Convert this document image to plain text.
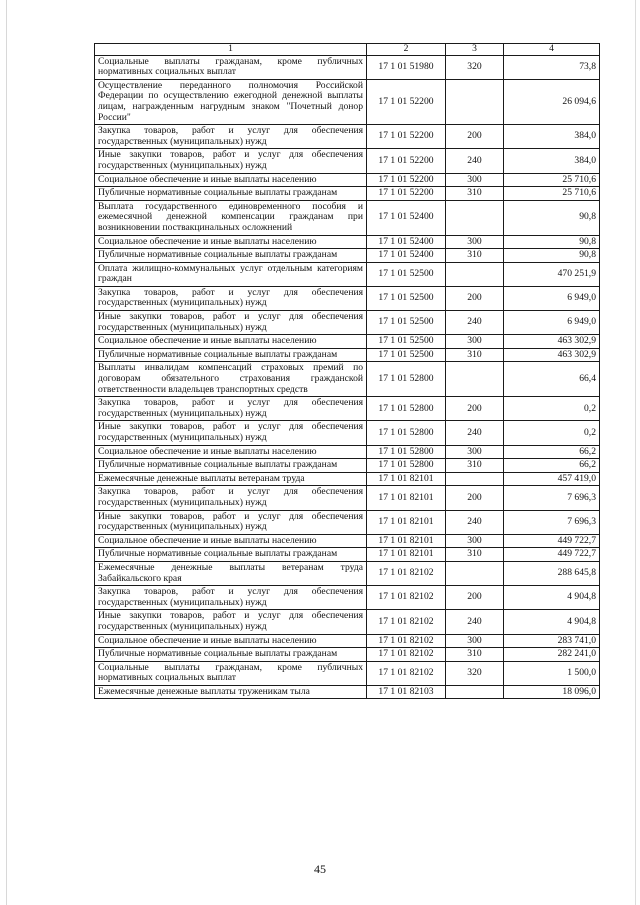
1	2	3	4
Социальные выплаты гражданам, кроме публичных нормативных социальных выплат	17 1 01 51980	320	73,8
Осуществление переданного полномочия Российской Федерации по осуществлению ежегодной денежной выплаты лицам, награжденным нагрудным знаком "Почетный донор России"	17 1 01 52200		26 094,6
Закупка товаров, работ и услуг для обеспечения государственных (муниципальных) нужд	17 1 01 52200	200	384,0
Иные закупки товаров, работ и услуг для обеспечения государственных (муниципальных) нужд	17 1 01 52200	240	384,0
Социальное обеспечение и иные выплаты населению	17 1 01 52200	300	25 710,6
Публичные нормативные социальные выплаты гражданам	17 1 01 52200	310	25 710,6
Выплата государственного единовременного пособия и ежемесячной денежной компенсации гражданам при возникновении поствакцинальных осложнений	17 1 01 52400		90,8
Социальное обеспечение и иные выплаты населению	17 1 01 52400	300	90,8
Публичные нормативные социальные выплаты гражданам	17 1 01 52400	310	90,8
Оплата жилищно-коммунальных услуг отдельным категориям граждан	17 1 01 52500		470 251,9
Закупка товаров, работ и услуг для обеспечения государственных (муниципальных) нужд	17 1 01 52500	200	6 949,0
Иные закупки товаров, работ и услуг для обеспечения государственных (муниципальных) нужд	17 1 01 52500	240	6 949,0
Социальное обеспечение и иные выплаты населению	17 1 01 52500	300	463 302,9
Публичные нормативные социальные выплаты гражданам	17 1 01 52500	310	463 302,9
Выплаты инвалидам компенсаций страховых премий по договорам обязательного страхования гражданской ответственности владельцев транспортных средств	17 1 01 52800		66,4
Закупка товаров, работ и услуг для обеспечения государственных (муниципальных) нужд	17 1 01 52800	200	0,2
Иные закупки товаров, работ и услуг для обеспечения государственных (муниципальных) нужд	17 1 01 52800	240	0,2
Социальное обеспечение и иные выплаты населению	17 1 01 52800	300	66,2
Публичные нормативные социальные выплаты гражданам	17 1 01 52800	310	66,2
Ежемесячные денежные выплаты ветеранам труда	17 1 01 82101		457 419,0
Закупка товаров, работ и услуг для обеспечения государственных (муниципальных) нужд	17 1 01 82101	200	7 696,3
Иные закупки товаров, работ и услуг для обеспечения государственных (муниципальных) нужд	17 1 01 82101	240	7 696,3
Социальное обеспечение и иные выплаты населению	17 1 01 82101	300	449 722,7
Публичные нормативные социальные выплаты гражданам	17 1 01 82101	310	449 722,7
Ежемесячные денежные выплаты ветеранам труда Забайкальского края	17 1 01 82102		288 645,8
Закупка товаров, работ и услуг для обеспечения государственных (муниципальных) нужд	17 1 01 82102	200	4 904,8
Иные закупки товаров, работ и услуг для обеспечения государственных (муниципальных) нужд	17 1 01 82102	240	4 904,8
Социальное обеспечение и иные выплаты населению	17 1 01 82102	300	283 741,0
Публичные нормативные социальные выплаты гражданам	17 1 01 82102	310	282 241,0
Социальные выплаты гражданам, кроме публичных нормативных социальных выплат	17 1 01 82102	320	1 500,0
Ежемесячные денежные выплаты труженикам тыла	17 1 01 82103		18 096,0
45
